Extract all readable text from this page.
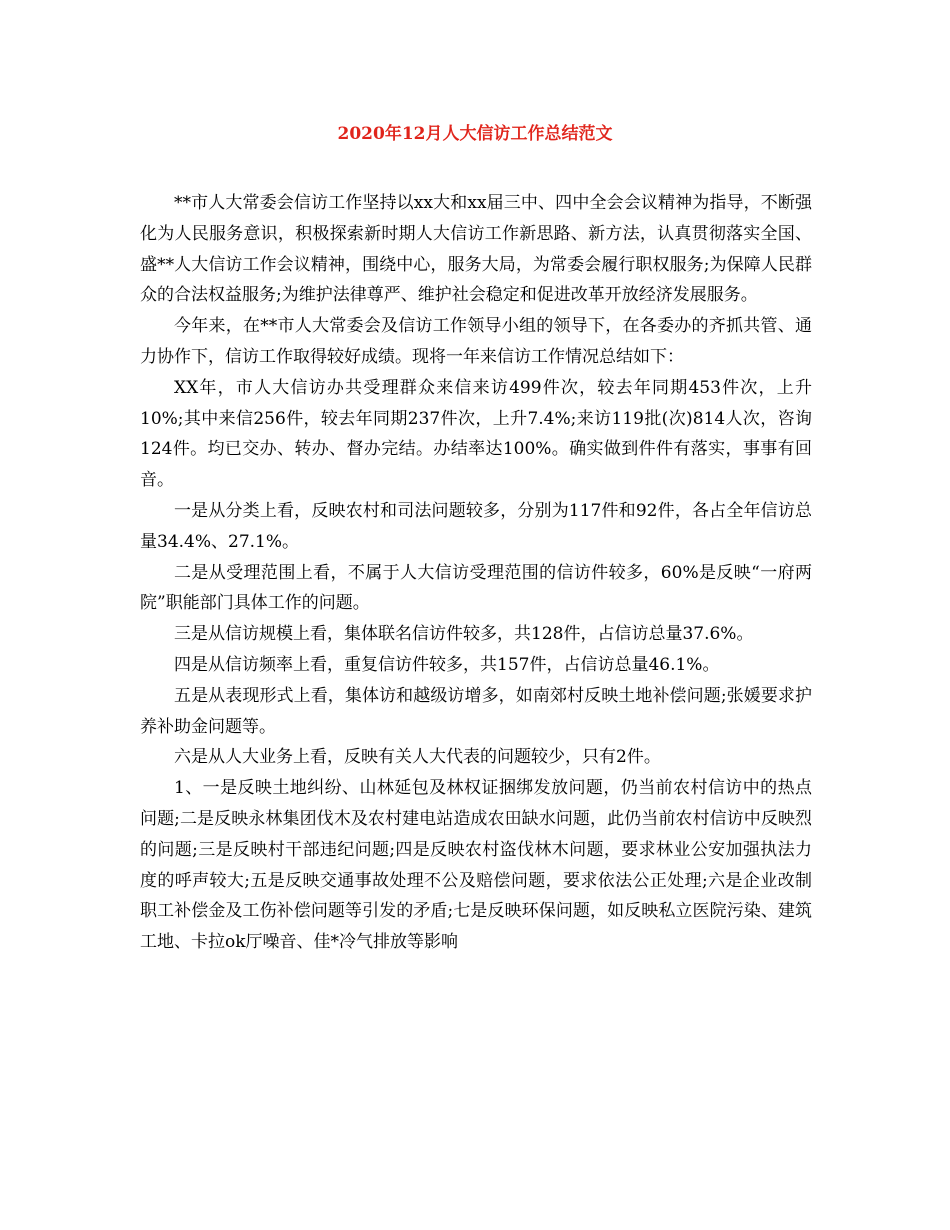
2020年12月人大信访工作总结范文

**市人大常委会信访工作坚持以xx大和xx届三中、四中全会会议精神为指导，不断强化为人民服务意识，积极探索新时期人大信访工作新思路、新方法，认真贯彻落实全国、盛**人大信访工作会议精神，围绕中心，服务大局，为常委会履行职权服务;为保障人民群众的合法权益服务;为维护法律尊严、维护社会稳定和促进改革开放经济发展服务。

今年来，在**市人大常委会及信访工作领导小组的领导下，在各委办的齐抓共管、通力协作下，信访工作取得较好成绩。现将一年来信访工作情况总结如下：

XX年，市人大信访办共受理群众来信来访499件次，较去年同期453件次，上升10%;其中来信256件，较去年同期237件次，上升7.4%;来访119批(次)814人次，咨询124件。均已交办、转办、督办完结。办结率达100%。确实做到件件有落实，事事有回音。

一是从分类上看，反映农村和司法问题较多，分别为117件和92件，各占全年信访总量34.4%、27.1%。

二是从受理范围上看，不属于人大信访受理范围的信访件较多，60%是反映“一府两院”职能部门具体工作的问题。

三是从信访规模上看，集体联名信访件较多，共128件，占信访总量37.6%。

四是从信访频率上看，重复信访件较多，共157件，占信访总量46.1%。

五是从表现形式上看，集体访和越级访增多，如南郊村反映土地补偿问题;张媛要求护养补助金问题等。

六是从人大业务上看，反映有关人大代表的问题较少，只有2件。

1、一是反映土地纠纷、山林延包及林权证捆绑发放问题，仍当前农村信访中的热点问题;二是反映永林集团伐木及农村建电站造成农田缺水问题，此仍当前农村信访中反映烈的问题;三是反映村干部违纪问题;四是反映农村盗伐林木问题，要求林业公安加强执法力度的呼声较大;五是反映交通事故处理不公及赔偿问题，要求依法公正处理;六是企业改制职工补偿金及工伤补偿问题等引发的矛盾;七是反映环保问题，如反映私立医院污染、建筑工地、卡拉ok厅噪音、佳*冷气排放等影响
